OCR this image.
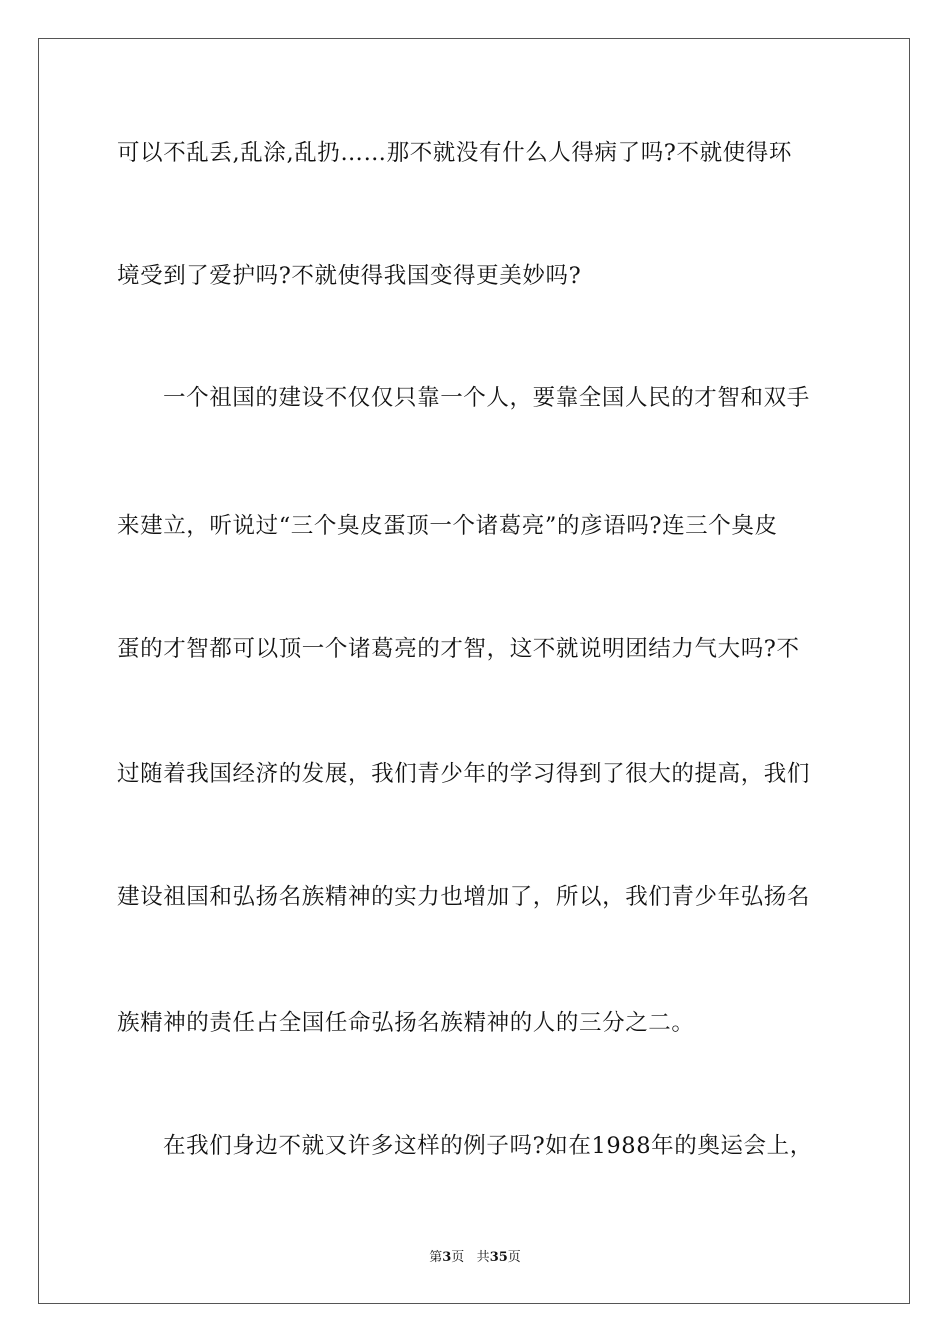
可以不乱丢,乱涂,乱扔……那不就没有什么人得病了吗?不就使得环
境受到了爱护吗?不就使得我国变得更美妙吗?
一个祖国的建设不仅仅只靠一个人，要靠全国人民的才智和双手
来建立，听说过“三个臭皮蛋顶一个诸葛亮”的彦语吗?连三个臭皮
蛋的才智都可以顶一个诸葛亮的才智，这不就说明团结力气大吗?不
过随着我国经济的发展，我们青少年的学习得到了很大的提高，我们
建设祖国和弘扬名族精神的实力也增加了，所以，我们青少年弘扬名
族精神的责任占全国任命弘扬名族精神的人的三分之二。
在我们身边不就又许多这样的例子吗?如在1988年的奥运会上，
第3页 共35页
